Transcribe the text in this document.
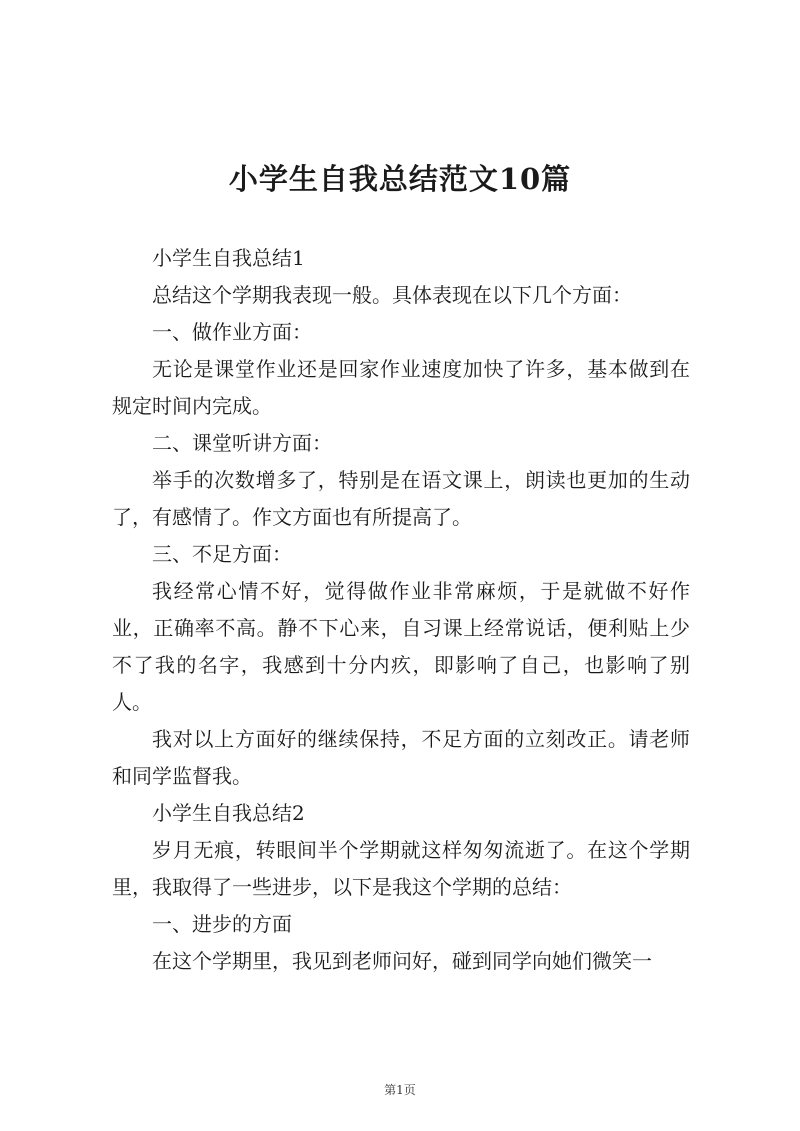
小学生自我总结范文10篇

小学生自我总结1

总结这个学期我表现一般。具体表现在以下几个方面：

一、做作业方面：

无论是课堂作业还是回家作业速度加快了许多，基本做到在规定时间内完成。

二、课堂听讲方面：

举手的次数增多了，特别是在语文课上，朗读也更加的生动了，有感情了。作文方面也有所提高了。

三、不足方面：

我经常心情不好，觉得做作业非常麻烦，于是就做不好作业，正确率不高。静不下心来，自习课上经常说话，便利贴上少不了我的名字，我感到十分内疚，即影响了自己，也影响了别人。

我对以上方面好的继续保持，不足方面的立刻改正。请老师和同学监督我。

小学生自我总结2

岁月无痕，转眼间半个学期就这样匆匆流逝了。在这个学期里，我取得了一些进步，以下是我这个学期的总结：

一、进步的方面

在这个学期里，我见到老师问好，碰到同学向她们微笑一

第1页
